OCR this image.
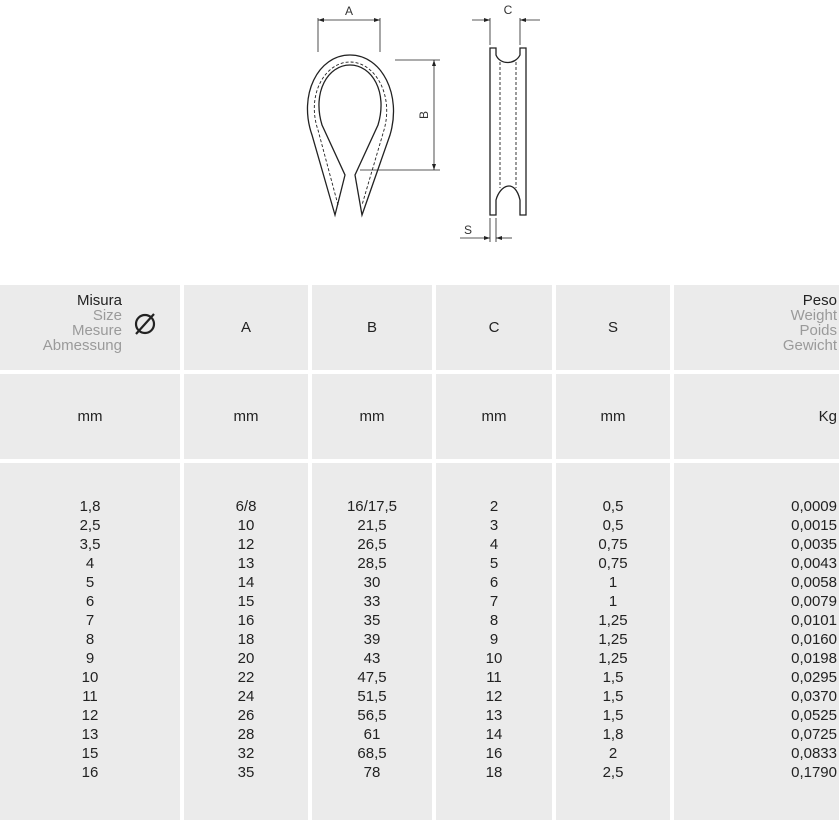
A
B
C
S
Misura
Size
Mesure
Abmessung
mm
1,8
2,5
3,5
4
5
6
7
8
9
10
11
12
13
15
16
A
mm
6/8
10
12
13
14
15
16
18
20
22
24
26
28
32
35
B
mm
16/17,5
21,5
26,5
28,5
30
33
35
39
43
47,5
51,5
56,5
61
68,5
78
C
mm
2
3
4
5
6
7
8
9
10
11
12
13
14
16
18
S
mm
0,5
0,5
0,75
0,75
1
1
1,25
1,25
1,25
1,5
1,5
1,5
1,8
2
2,5
Peso
Weight
Poids
Gewicht
Kg
0,0009
0,0015
0,0035
0,0043
0,0058
0,0079
0,0101
0,0160
0,0198
0,0295
0,0370
0,0525
0,0725
0,0833
0,1790
